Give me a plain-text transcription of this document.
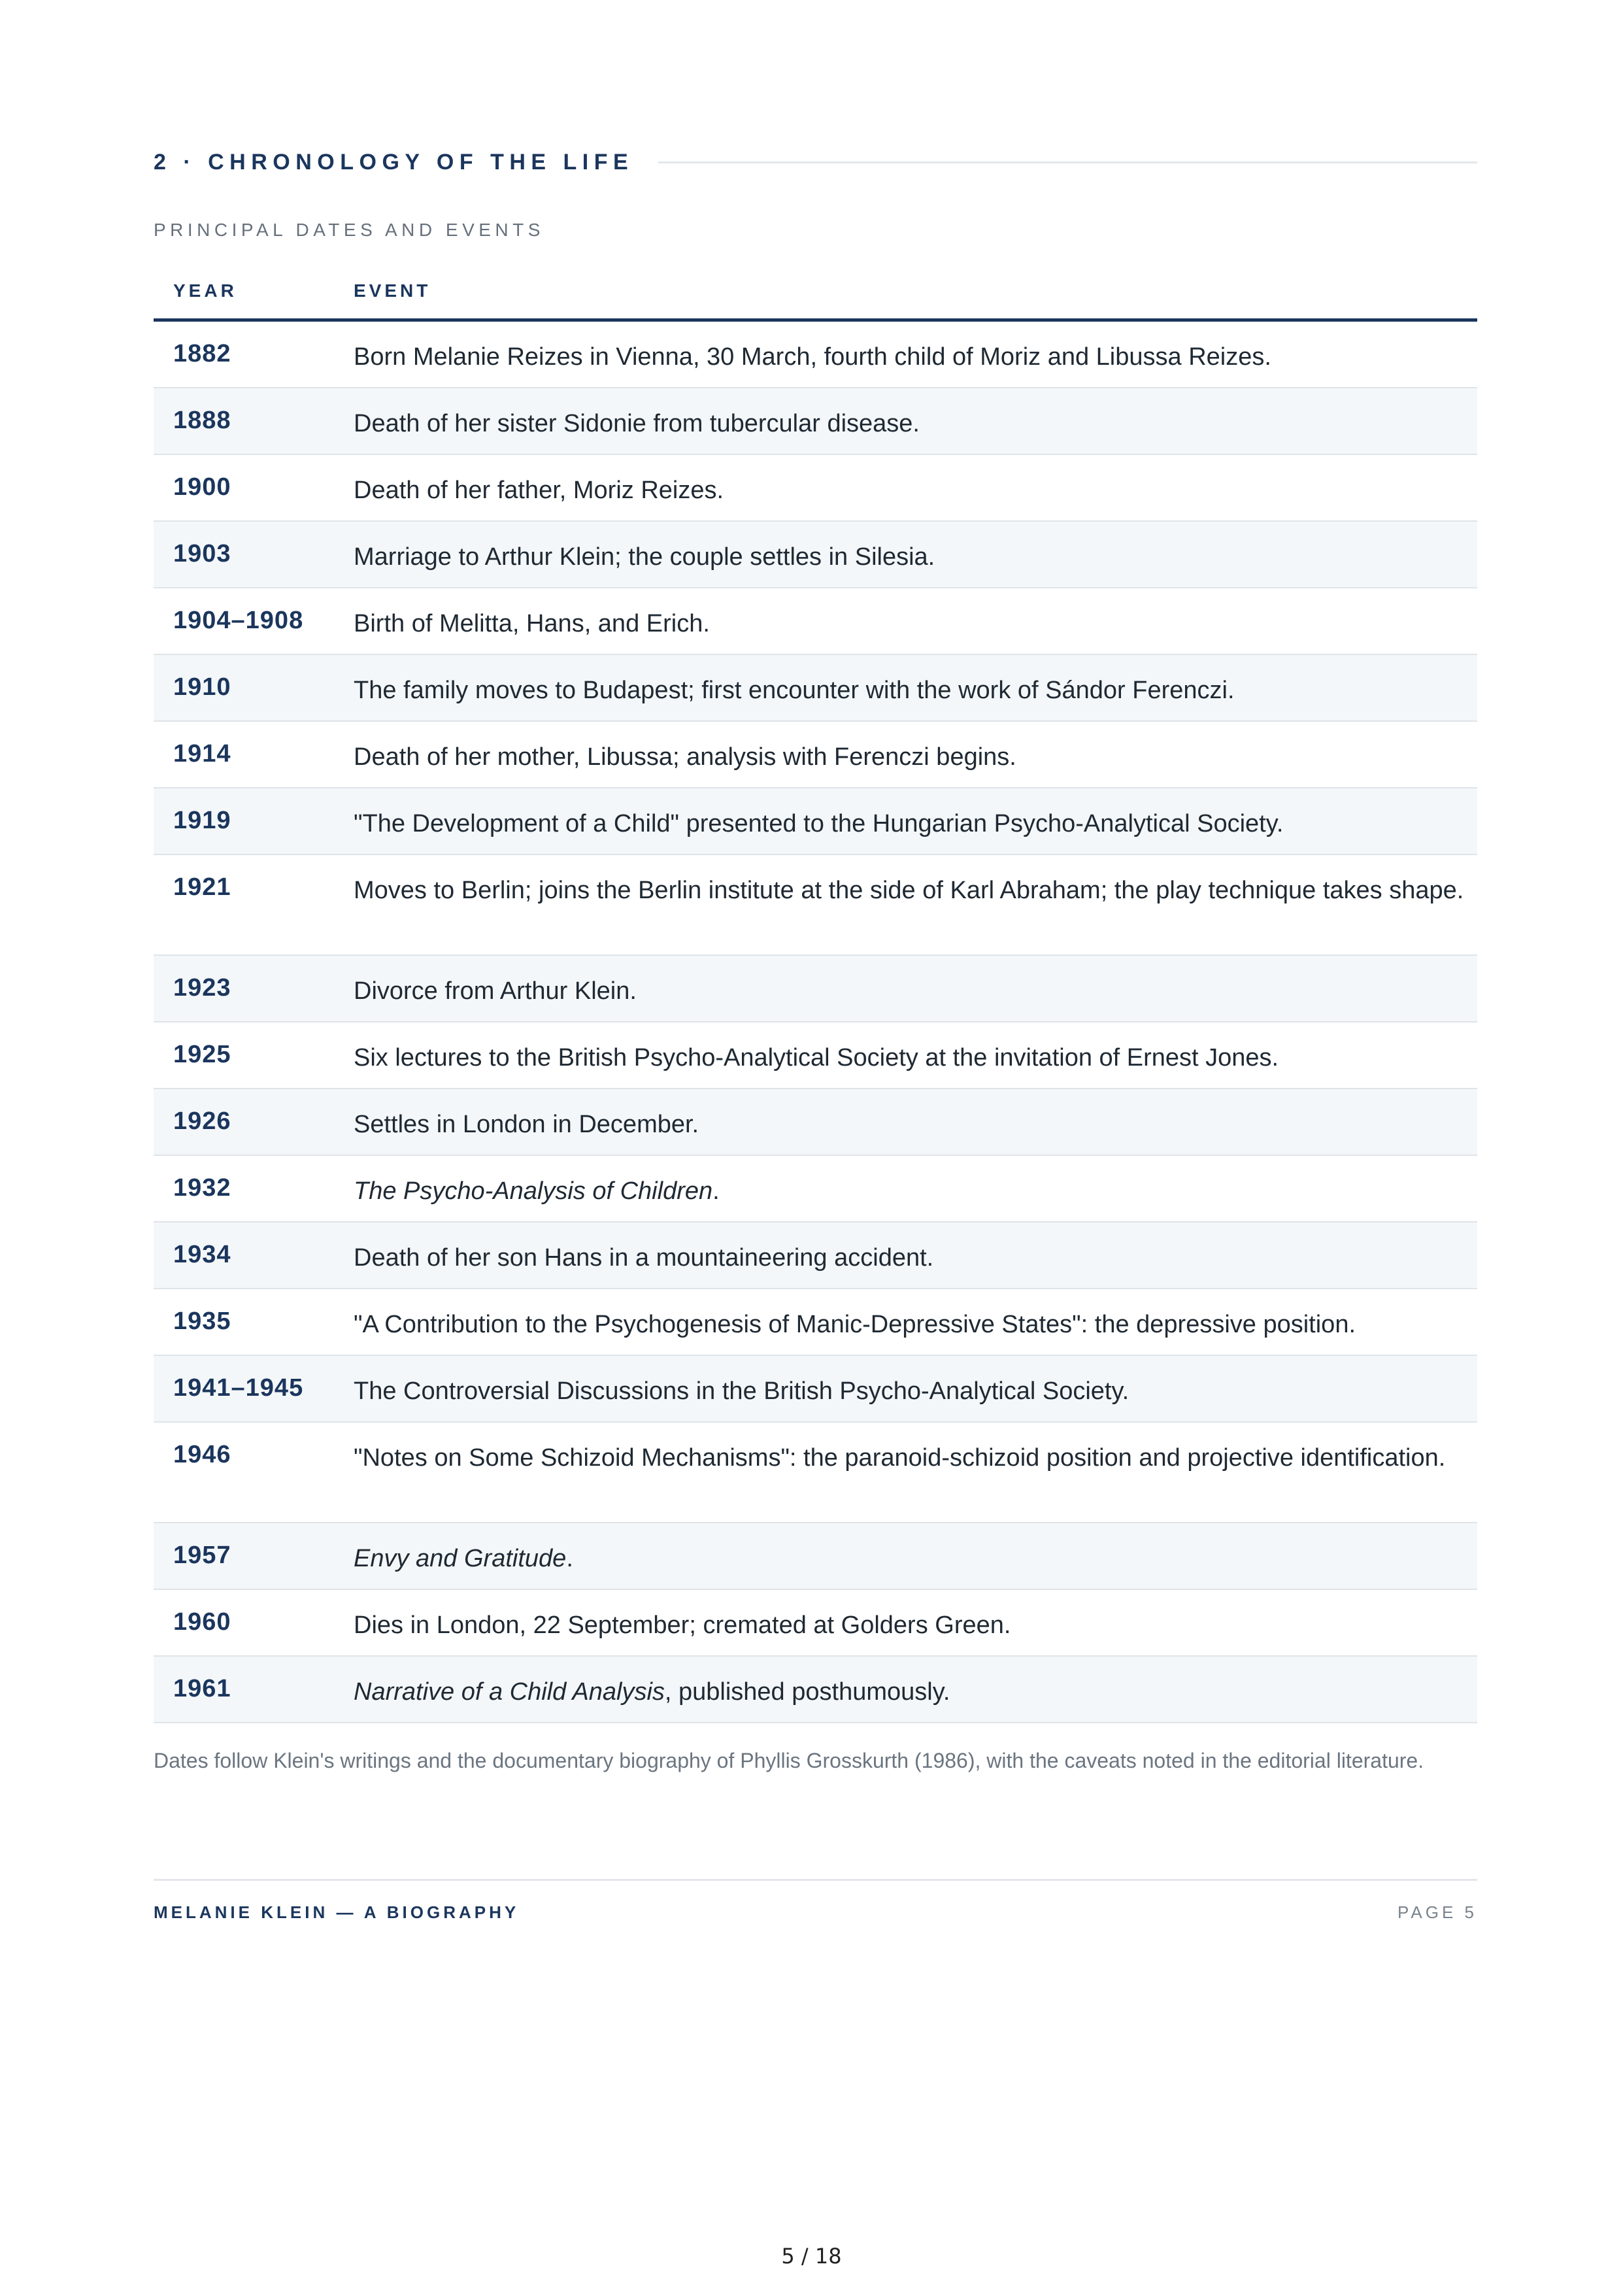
2 · CHRONOLOGY OF THE LIFE
PRINCIPAL DATES AND EVENTS
YEAR	EVENT
1882	Born Melanie Reizes in Vienna, 30 March, fourth child of Moriz and Libussa Reizes.
1888	Death of her sister Sidonie from tubercular disease.
1900	Death of her father, Moriz Reizes.
1903	Marriage to Arthur Klein; the couple settles in Silesia.
1904–1908	Birth of Melitta, Hans, and Erich.
1910	The family moves to Budapest; first encounter with the work of Sándor Ferenczi.
1914	Death of her mother, Libussa; analysis with Ferenczi begins.
1919	"The Development of a Child" presented to the Hungarian Psycho-Analytical Society.
1921	Moves to Berlin; joins the Berlin institute at the side of Karl Abraham; the play technique takes shape.
1923	Divorce from Arthur Klein.
1925	Six lectures to the British Psycho-Analytical Society at the invitation of Ernest Jones.
1926	Settles in London in December.
1932	The Psycho-Analysis of Children.
1934	Death of her son Hans in a mountaineering accident.
1935	"A Contribution to the Psychogenesis of Manic-Depressive States": the depressive position.
1941–1945	The Controversial Discussions in the British Psycho-Analytical Society.
1946	"Notes on Some Schizoid Mechanisms": the paranoid-schizoid position and projective identification.
1957	Envy and Gratitude.
1960	Dies in London, 22 September; cremated at Golders Green.
1961	Narrative of a Child Analysis, published posthumously.
Dates follow Klein's writings and the documentary biography of Phyllis Grosskurth (1986), with the caveats noted in the editorial literature.
MELANIE KLEIN — A BIOGRAPHY	PAGE 5
5 / 18
